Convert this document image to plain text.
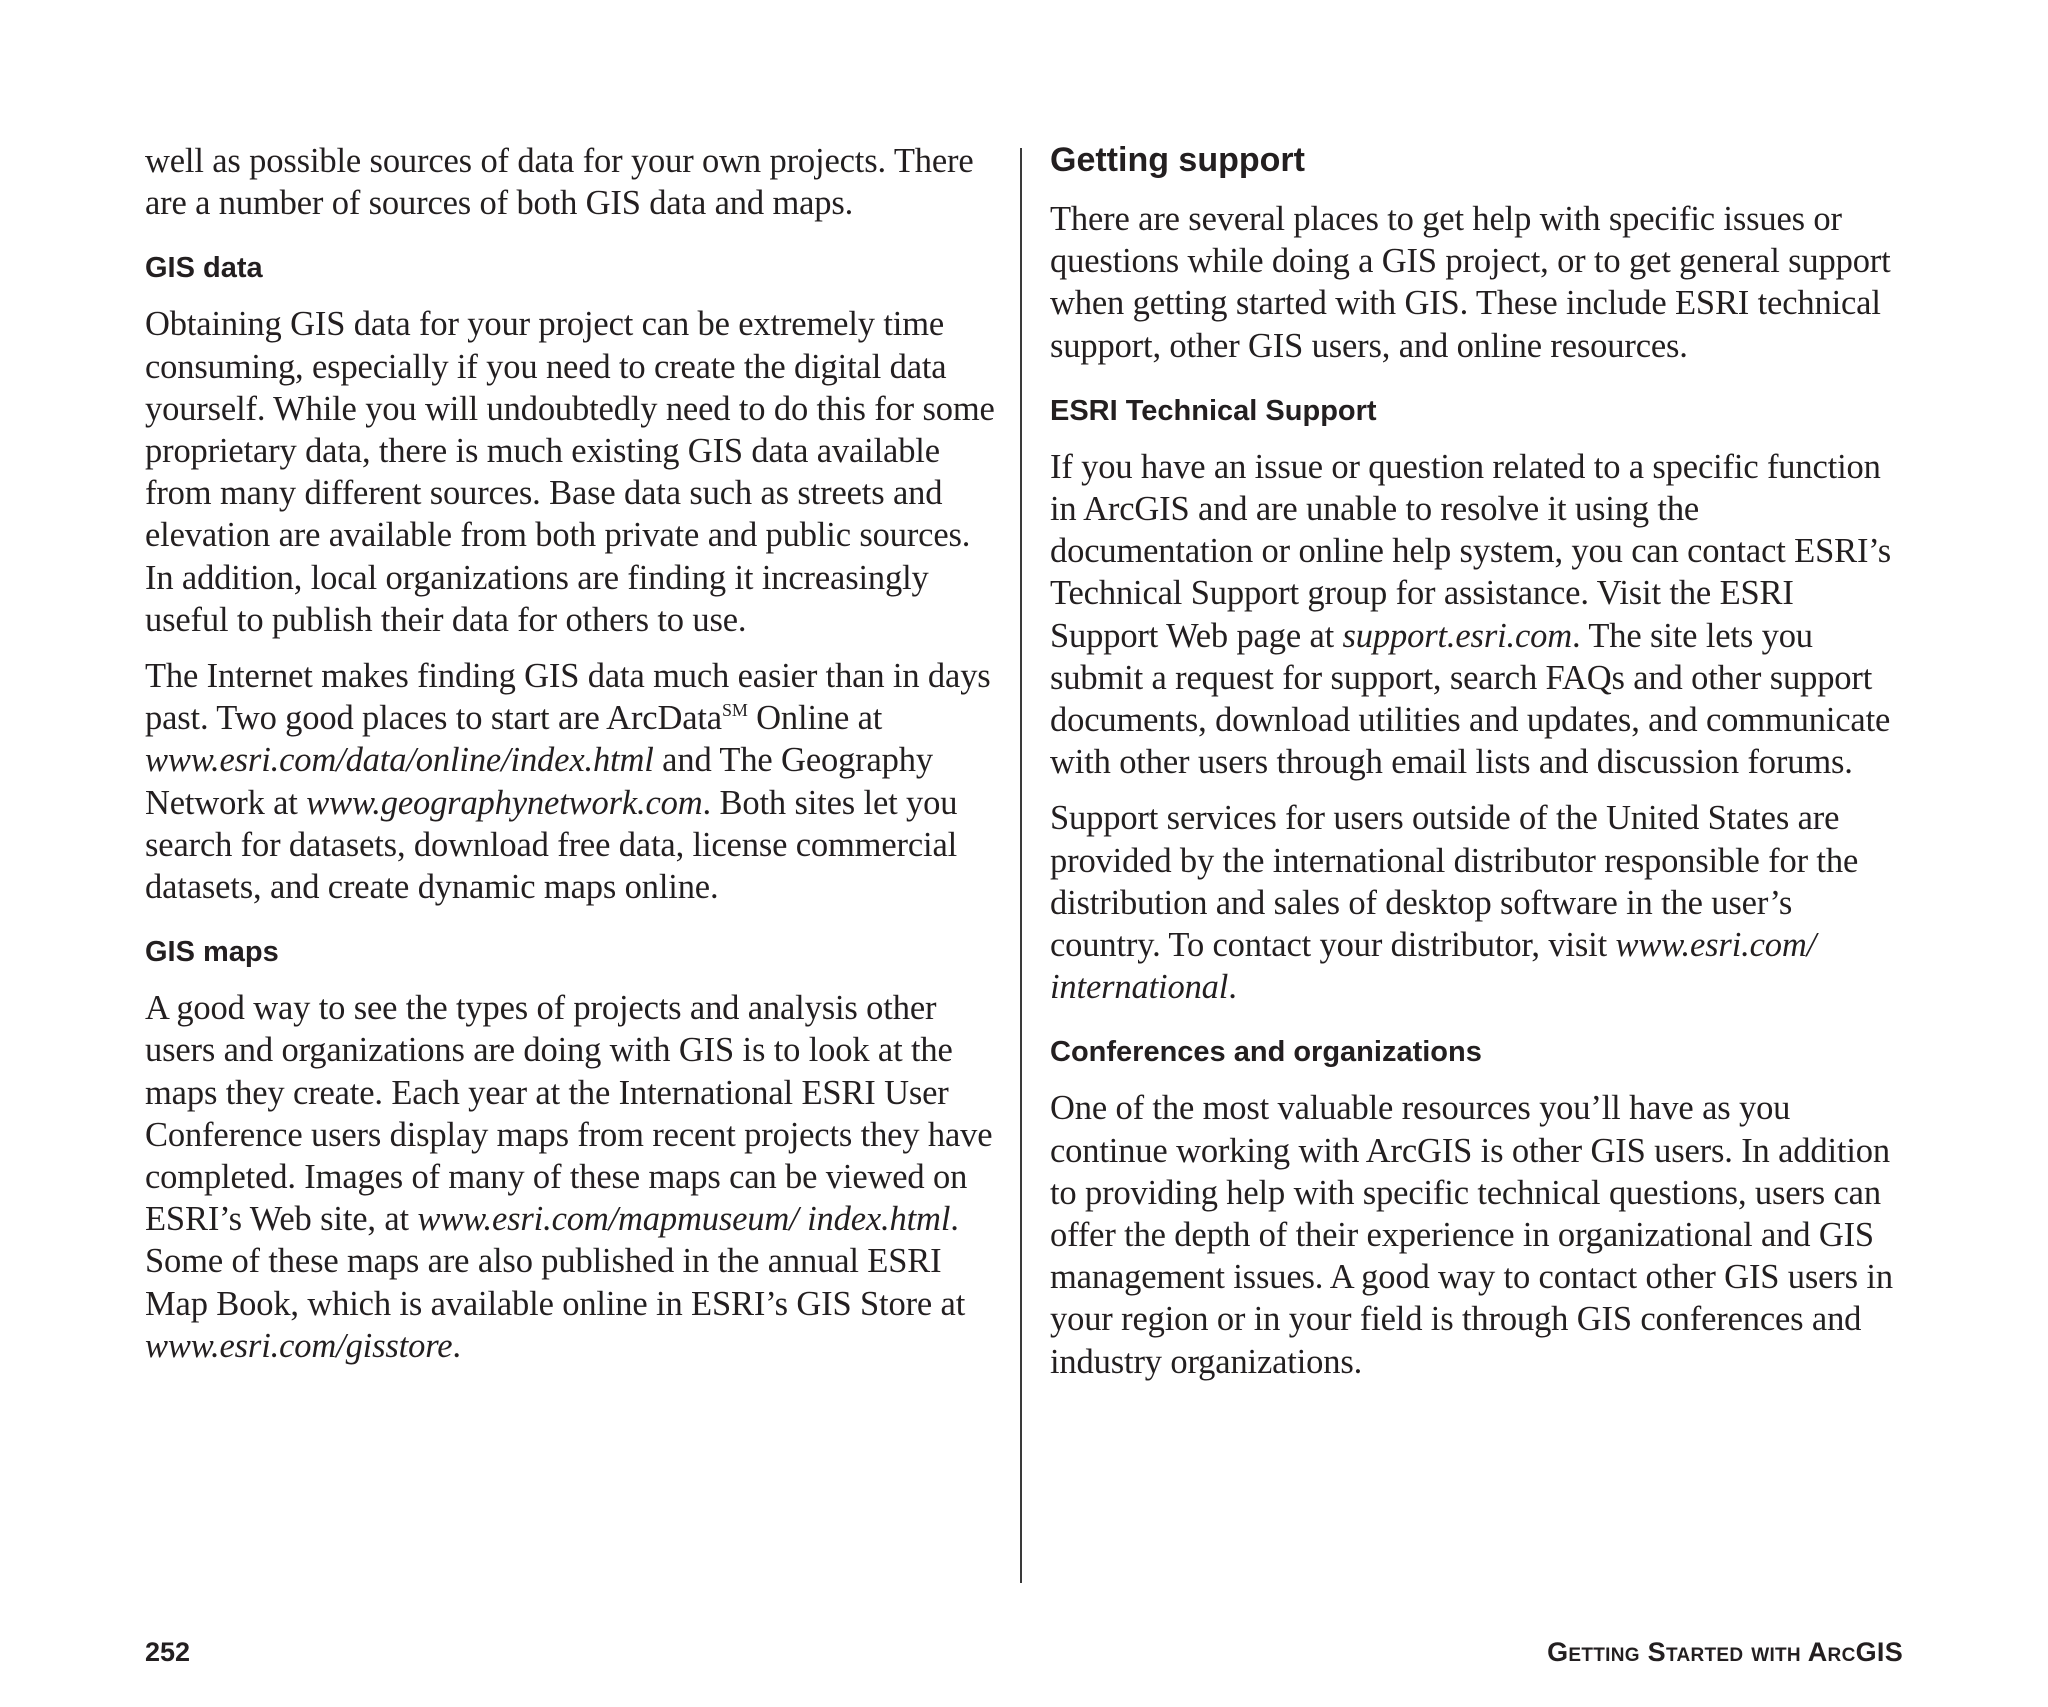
well as possible sources of data for your own projects. There are a number of sources of both GIS data and maps.

GIS data

Obtaining GIS data for your project can be extremely time consuming, especially if you need to create the digital data yourself. While you will undoubtedly need to do this for some proprietary data, there is much existing GIS data available from many different sources. Base data such as streets and elevation are available from both private and public sources. In addition, local organizations are finding it increasingly useful to publish their data for others to use.

The Internet makes finding GIS data much easier than in days past. Two good places to start are ArcData℠ Online at www.esri.com/data/online/index.html and The Geography Network at www.geographynetwork.com. Both sites let you search for datasets, download free data, license commercial datasets, and create dynamic maps online.

GIS maps

A good way to see the types of projects and analysis other users and organizations are doing with GIS is to look at the maps they create. Each year at the International ESRI User Conference users display maps from recent projects they have completed. Images of many of these maps can be viewed on ESRI’s Web site, at www.esri.com/mapmuseum/ index.html. Some of these maps are also published in the annual ESRI Map Book, which is available online in ESRI’s GIS Store at www.esri.com/gisstore.

Getting support

There are several places to get help with specific issues or questions while doing a GIS project, or to get general support when getting started with GIS. These include ESRI technical support, other GIS users, and online resources.

ESRI Technical Support

If you have an issue or question related to a specific function in ArcGIS and are unable to resolve it using the documentation or online help system, you can contact ESRI’s Technical Support group for assistance. Visit the ESRI Support Web page at support.esri.com. The site lets you submit a request for support, search FAQs and other support documents, download utilities and updates, and communicate with other users through email lists and discussion forums.

Support services for users outside of the United States are provided by the international distributor responsible for the distribution and sales of desktop software in the user’s country. To contact your distributor, visit www.esri.com/ international.

Conferences and organizations

One of the most valuable resources you’ll have as you continue working with ArcGIS is other GIS users. In addition to providing help with specific technical questions, users can offer the depth of their experience in organizational and GIS management issues. A good way to contact other GIS users in your region or in your field is through GIS conferences and industry organizations.

252	Getting Started with ArcGIS
